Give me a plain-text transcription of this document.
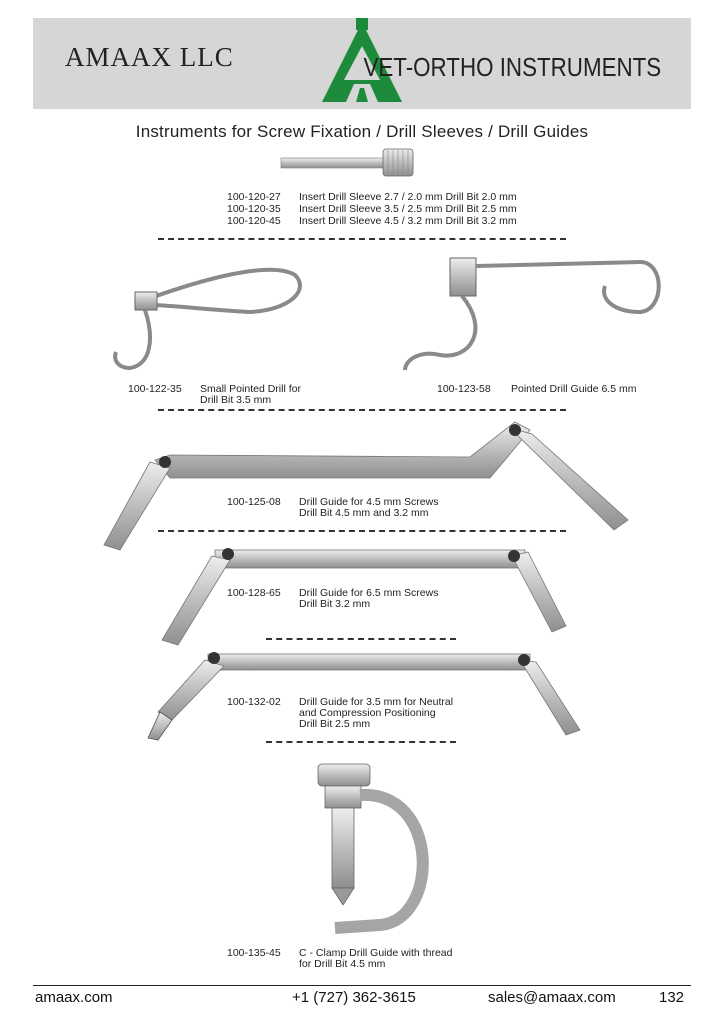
AMAAX LLC	VET-ORTHO INSTRUMENTS
Instruments for Screw Fixation / Drill Sleeves / Drill Guides
100-120-27 Insert Drill Sleeve 2.7 / 2.0 mm Drill Bit 2.0 mm
100-120-35 Insert Drill Sleeve 3.5 / 2.5 mm Drill Bit 2.5 mm
100-120-45 Insert Drill Sleeve 4.5 / 3.2 mm Drill Bit 3.2 mm
100-122-35 Small Pointed Drill for
Drill Bit 3.5 mm
100-123-58 Pointed Drill Guide 6.5 mm
100-125-08 Drill Guide for 4.5 mm Screws
Drill Bit 4.5 mm and 3.2 mm
100-128-65 Drill Guide for 6.5 mm Screws
Drill Bit 3.2 mm
100-132-02 Drill Guide for 3.5 mm for Neutral
and Compression Positioning
Drill Bit 2.5 mm
100-135-45 C - Clamp Drill Guide with thread
for Drill Bit 4.5 mm
amaax.com	+1 (727) 362-3615	sales@amaax.com	132
